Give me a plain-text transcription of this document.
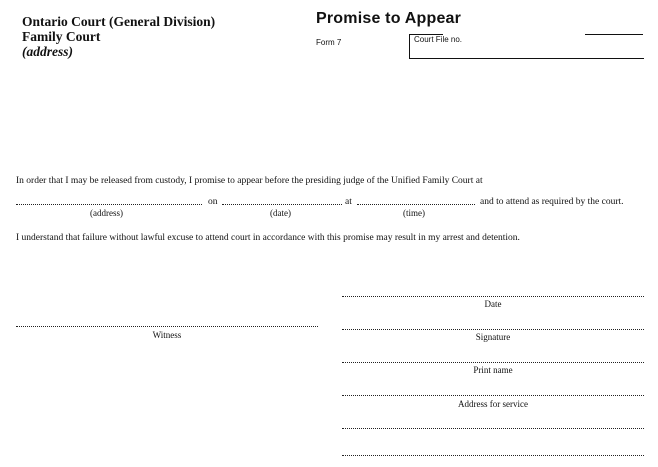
Ontario Court (General Division)
Family Court
(address)
Promise to Appear
Form 7	Court File no.
In order that I may be released from custody, I promise to appear before the presiding judge of the Unified Family Court at
on	at	and to attend as required by the court.
(address)	(date)	(time)
I understand that failure without lawful excuse to attend court in accordance with this promise may result in my arrest and detention.
Date
Signature
Print name
Address for service
Witness
